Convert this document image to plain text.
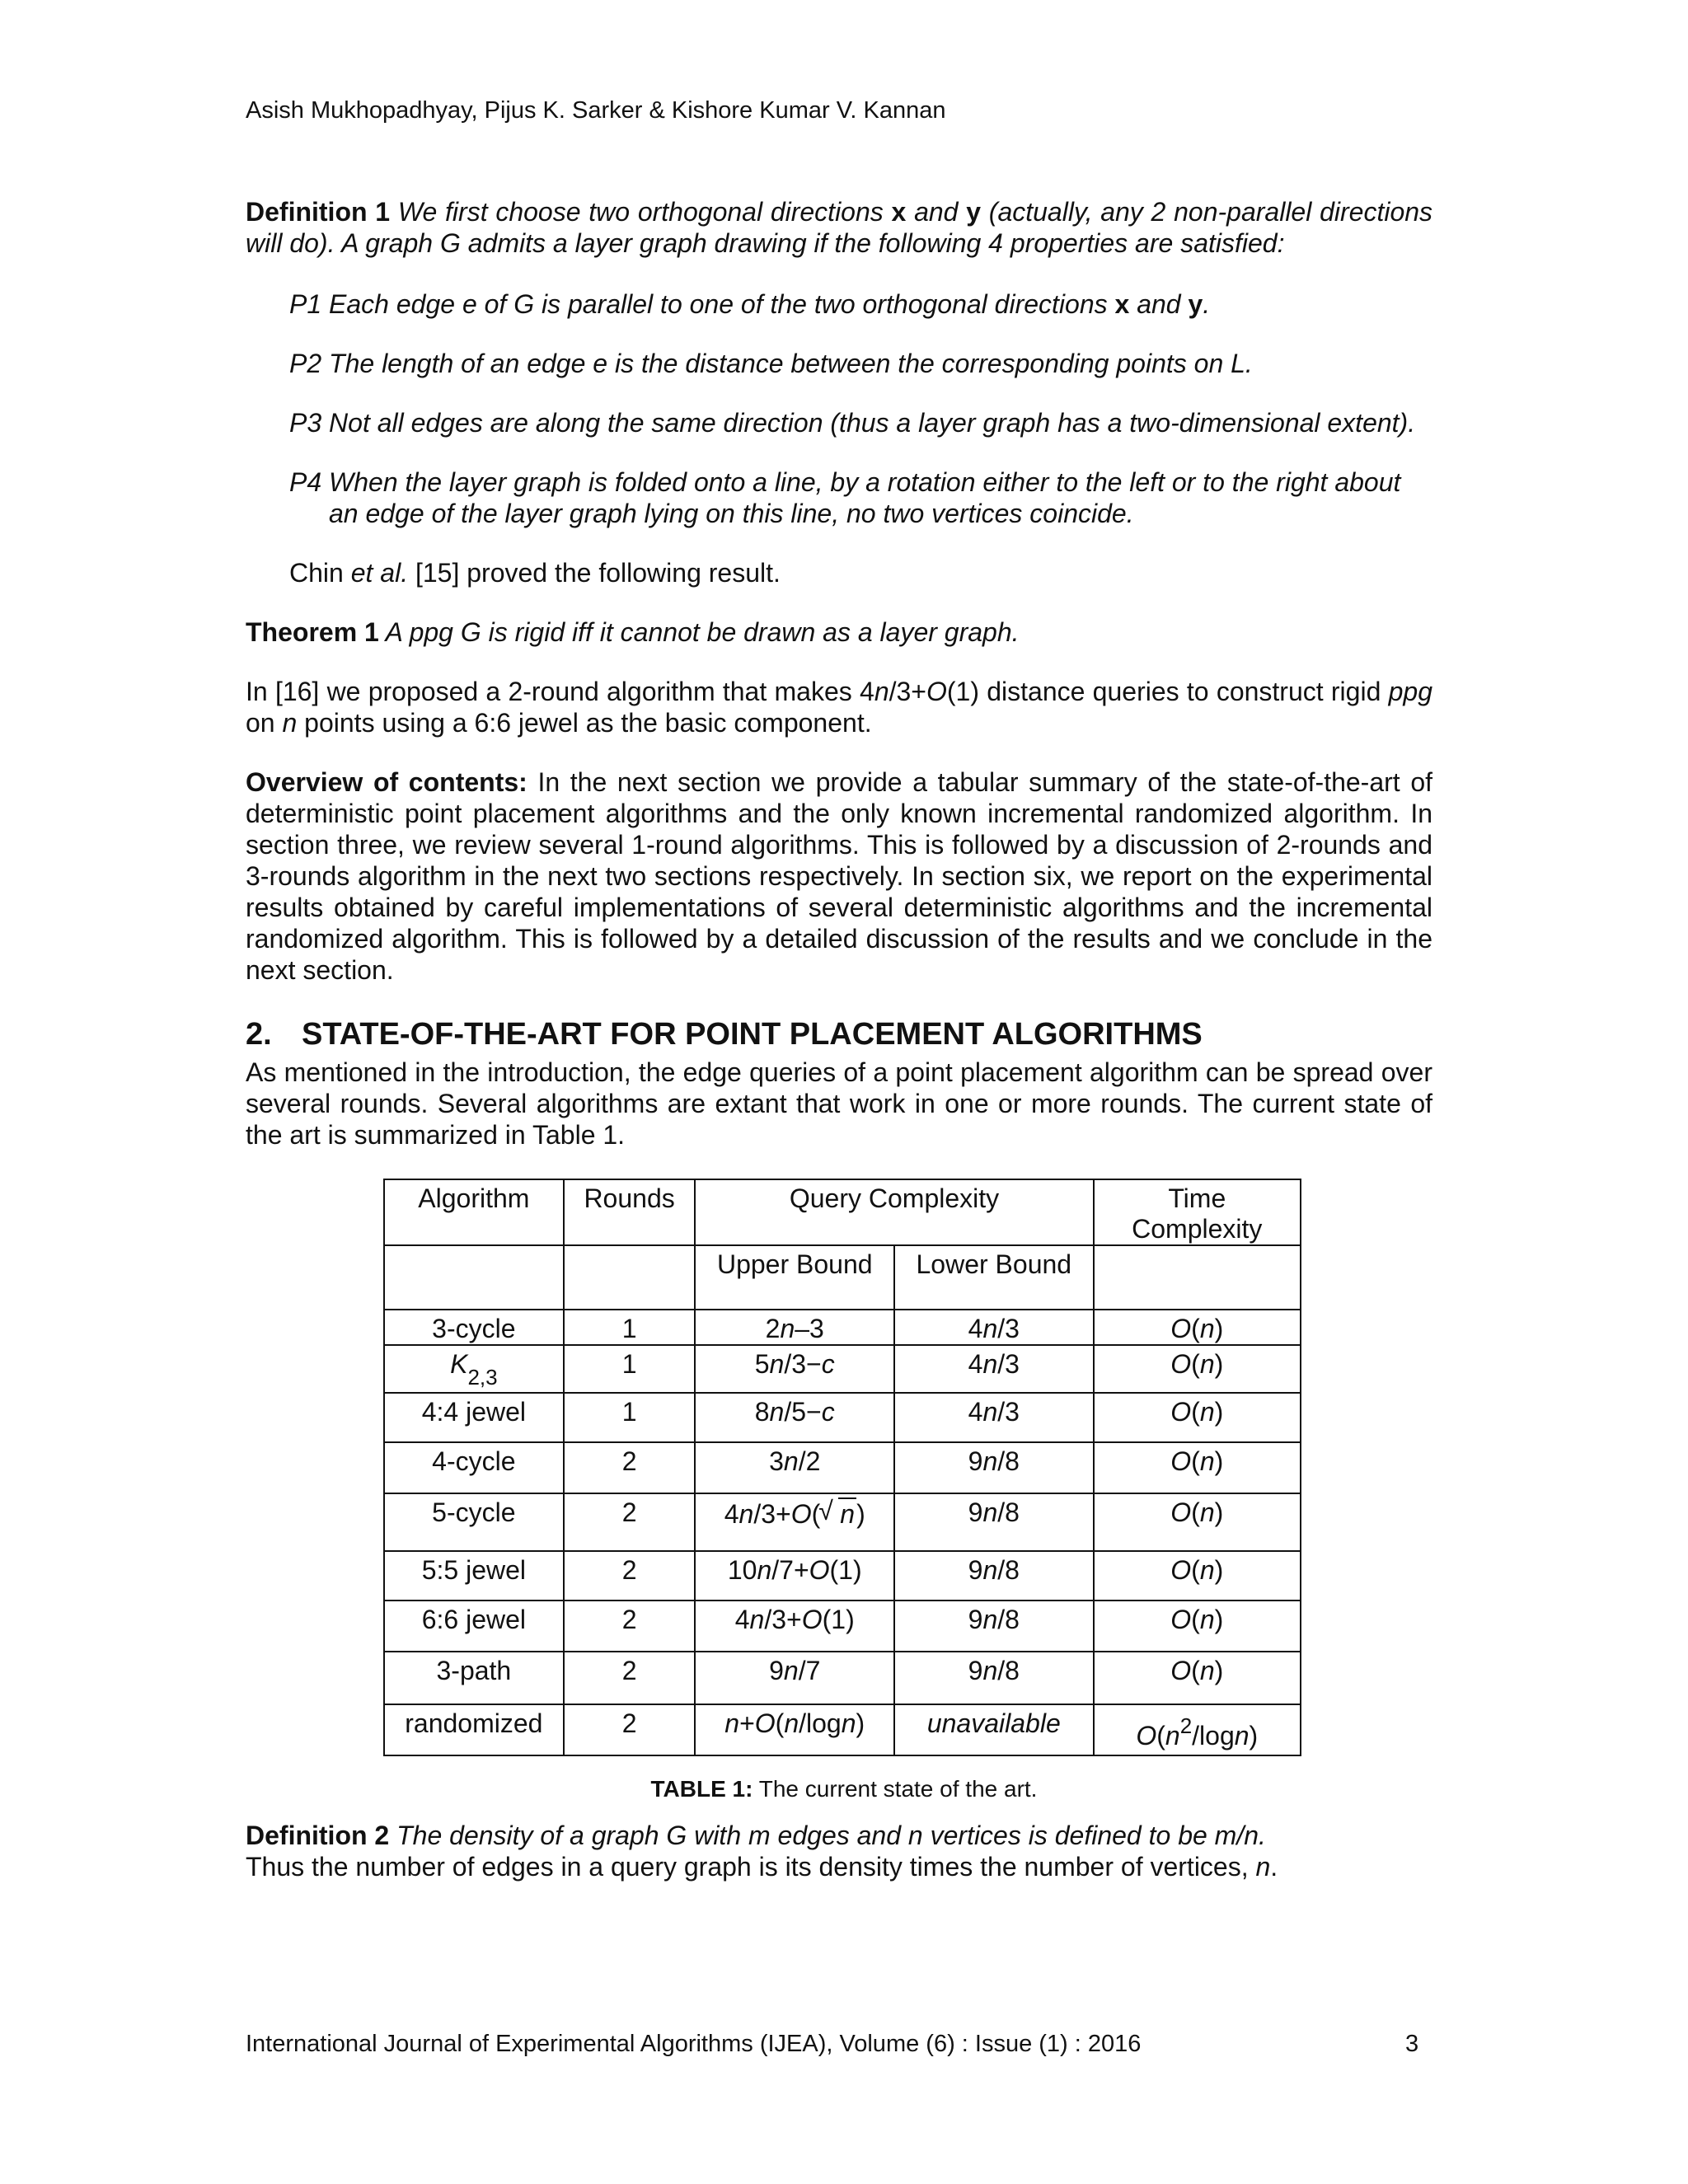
Asish Mukhopadhyay, Pijus K. Sarker & Kishore Kumar V. Kannan
Definition 1 We first choose two orthogonal directions x and y (actually, any 2 non-parallel directions will do). A graph G admits a layer graph drawing if the following 4 properties are satisfied:
P1 Each edge e of G is parallel to one of the two orthogonal directions x and y.
P2 The length of an edge e is the distance between the corresponding points on L.
P3 Not all edges are along the same direction (thus a layer graph has a two-dimensional extent).
P4 When the layer graph is folded onto a line, by a rotation either to the left or to the right about
an edge of the layer graph lying on this line, no two vertices coincide.
Chin et al. [15] proved the following result.
Theorem 1 A ppg G is rigid iff it cannot be drawn as a layer graph.
In [16] we proposed a 2-round algorithm that makes 4n/3+O(1) distance queries to construct rigid ppg on n points using a 6:6 jewel as the basic component.
Overview of contents: In the next section we provide a tabular summary of the state-of-the-art of deterministic point placement algorithms and the only known incremental randomized algorithm. In section three, we review several 1-round algorithms. This is followed by a discussion of 2-rounds and 3-rounds algorithm in the next two sections respectively. In section six, we report on the experimental results obtained by careful implementations of several deterministic algorithms and the incremental randomized algorithm. This is followed by a detailed discussion of the results and we conclude in the next section.
2. STATE-OF-THE-ART FOR POINT PLACEMENT ALGORITHMS
As mentioned in the introduction, the edge queries of a point placement algorithm can be spread over several rounds. Several algorithms are extant that work in one or more rounds. The current state of the art is summarized in Table 1.
Algorithm	Rounds	Query Complexity		Time
Complexity
		Upper Bound	Lower Bound	
3-cycle	1	2n–3	4n/3	O(n)
$K_{2,3}$	1	5n/3−c	4n/3	O(n)
4:4 jewel	1	8n/5−c	4n/3	O(n)
4-cycle	2	3n/2	9n/8	O(n)
5-cycle	2	4n/3+O( √ n)	9n/8	O(n)
5:5 jewel	2	10n/7+O(1)	9n/8	O(n)
6:6 jewel	2	4n/3+O(1)	9n/8	O(n)
3-path	2	9n/7	9n/8	O(n)
randomized	2	n+O(n/logn)	unavailable	$O(n^2/\log n)$
TABLE 1: The current state of the art.
Definition 2 The density of a graph G with m edges and n vertices is defined to be m/n.
Thus the number of edges in a query graph is its density times the number of vertices, n.
International Journal of Experimental Algorithms (IJEA), Volume (6) : Issue (1) : 2016	3
